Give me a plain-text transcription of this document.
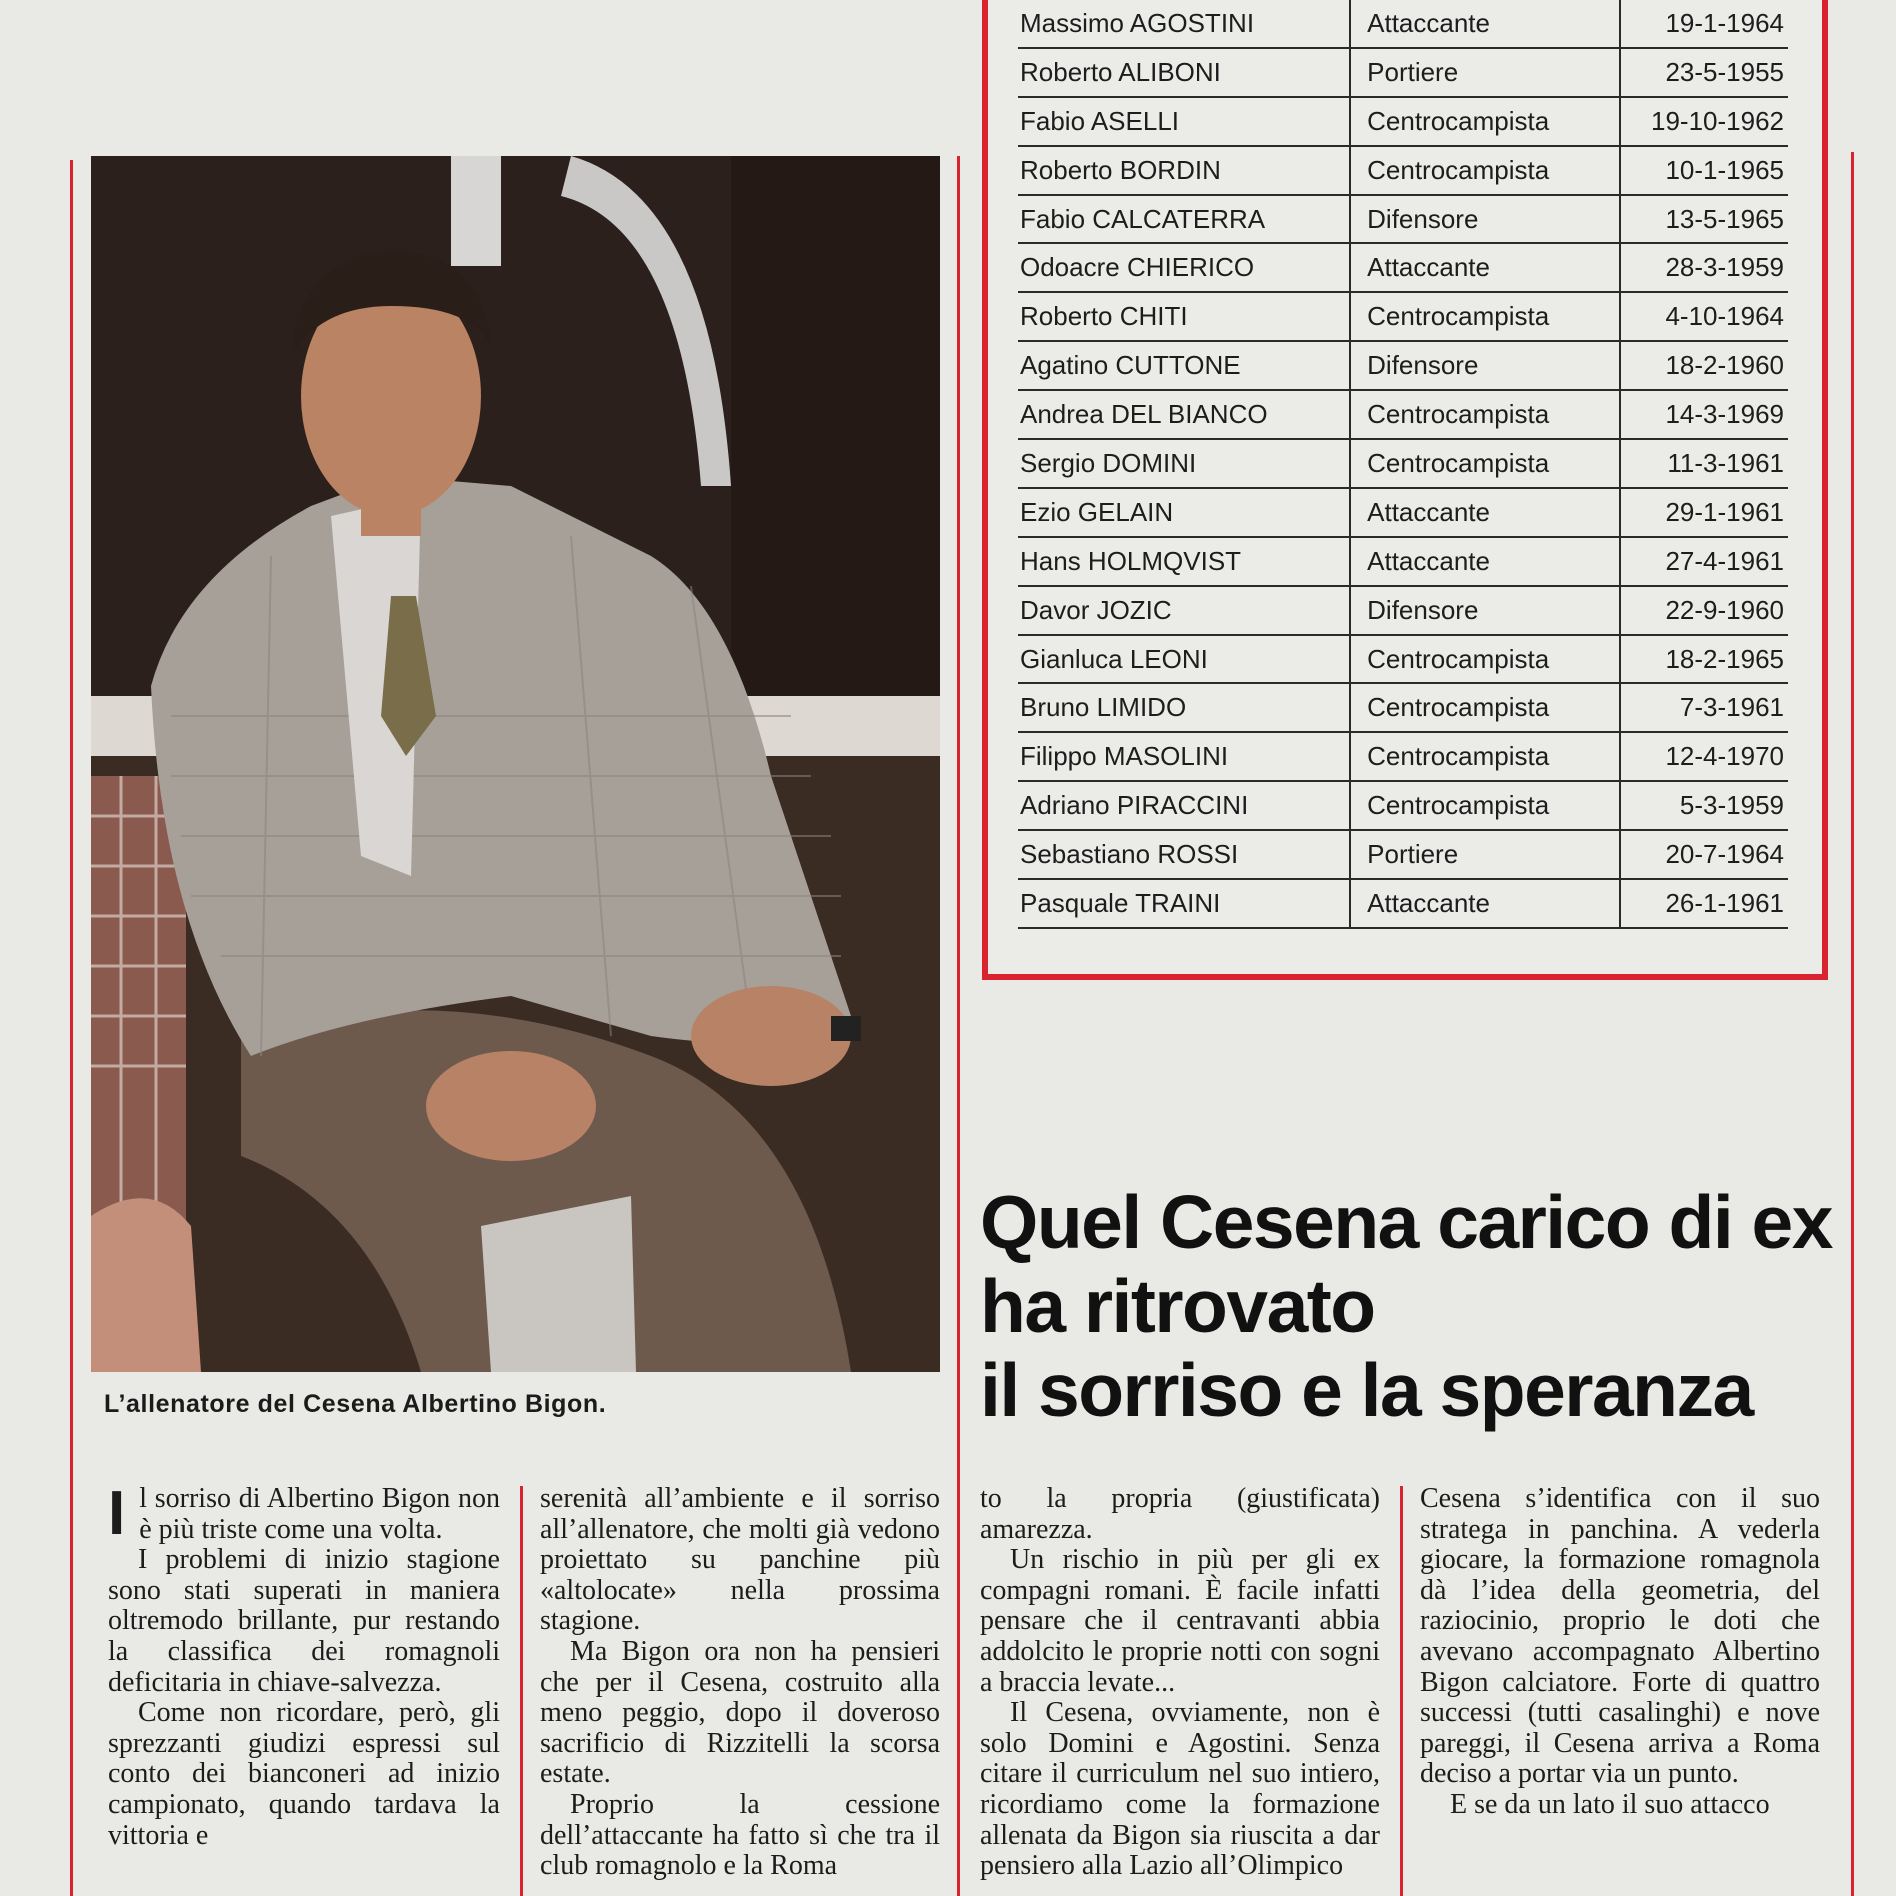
L’allenatore del Cesena Albertino Bigon.
Massimo AGOSTINI	Attaccante	19-1-1964
Roberto ALIBONI	Portiere	23-5-1955
Fabio ASELLI	Centrocampista	19-10-1962
Roberto BORDIN	Centrocampista	10-1-1965
Fabio CALCATERRA	Difensore	13-5-1965
Odoacre CHIERICO	Attaccante	28-3-1959
Roberto CHITI	Centrocampista	4-10-1964
Agatino CUTTONE	Difensore	18-2-1960
Andrea DEL BIANCO	Centrocampista	14-3-1969
Sergio DOMINI	Centrocampista	11-3-1961
Ezio GELAIN	Attaccante	29-1-1961
Hans HOLMQVIST	Attaccante	27-4-1961
Davor JOZIC	Difensore	22-9-1960
Gianluca LEONI	Centrocampista	18-2-1965
Bruno LIMIDO	Centrocampista	7-3-1961
Filippo MASOLINI	Centrocampista	12-4-1970
Adriano PIRACCINI	Centrocampista	5-3-1959
Sebastiano ROSSI	Portiere	20-7-1964
Pasquale TRAINI	Attaccante	26-1-1961
Quel Cesena carico di ex
ha ritrovato
il sorriso e la speranza
I l sorriso di Albertino Bigon non è più triste come una volta.

I problemi di inizio stagione sono stati superati in maniera oltremodo brillante, pur restando la classifica dei romagnoli deficitaria in chiave-salvezza.

Come non ricordare, però, gli sprezzanti giudizi espressi sul conto dei bianconeri ad inizio campionato, quando tardava la vittoria e

serenità all’ambiente e il sorriso all’allenatore, che molti già vedono proiettato su panchine più «altolocate» nella prossima stagione.

Ma Bigon ora non ha pensieri che per il Cesena, costruito alla meno peggio, dopo il doveroso sacrificio di Rizzitelli la scorsa estate.

Proprio la cessione dell’attaccante ha fatto sì che tra il club romagnolo e la Roma

to la propria (giustificata) amarezza.

Un rischio in più per gli ex compagni romani. È facile infatti pensare che il centravanti abbia addolcito le proprie notti con sogni a braccia levate...

Il Cesena, ovviamente, non è solo Domini e Agostini. Senza citare il curriculum nel suo intiero, ricordiamo come la formazione allenata da Bigon sia riuscita a dar pensiero alla Lazio all’Olimpico

Cesena s’identifica con il suo stratega in panchina. A vederla giocare, la formazione romagnola dà l’idea della geometria, del raziocinio, proprio le doti che avevano accompagnato Albertino Bigon calciatore. Forte di quattro successi (tutti casalinghi) e nove pareggi, il Cesena arriva a Roma deciso a portar via un punto.

E se da un lato il suo attacco
